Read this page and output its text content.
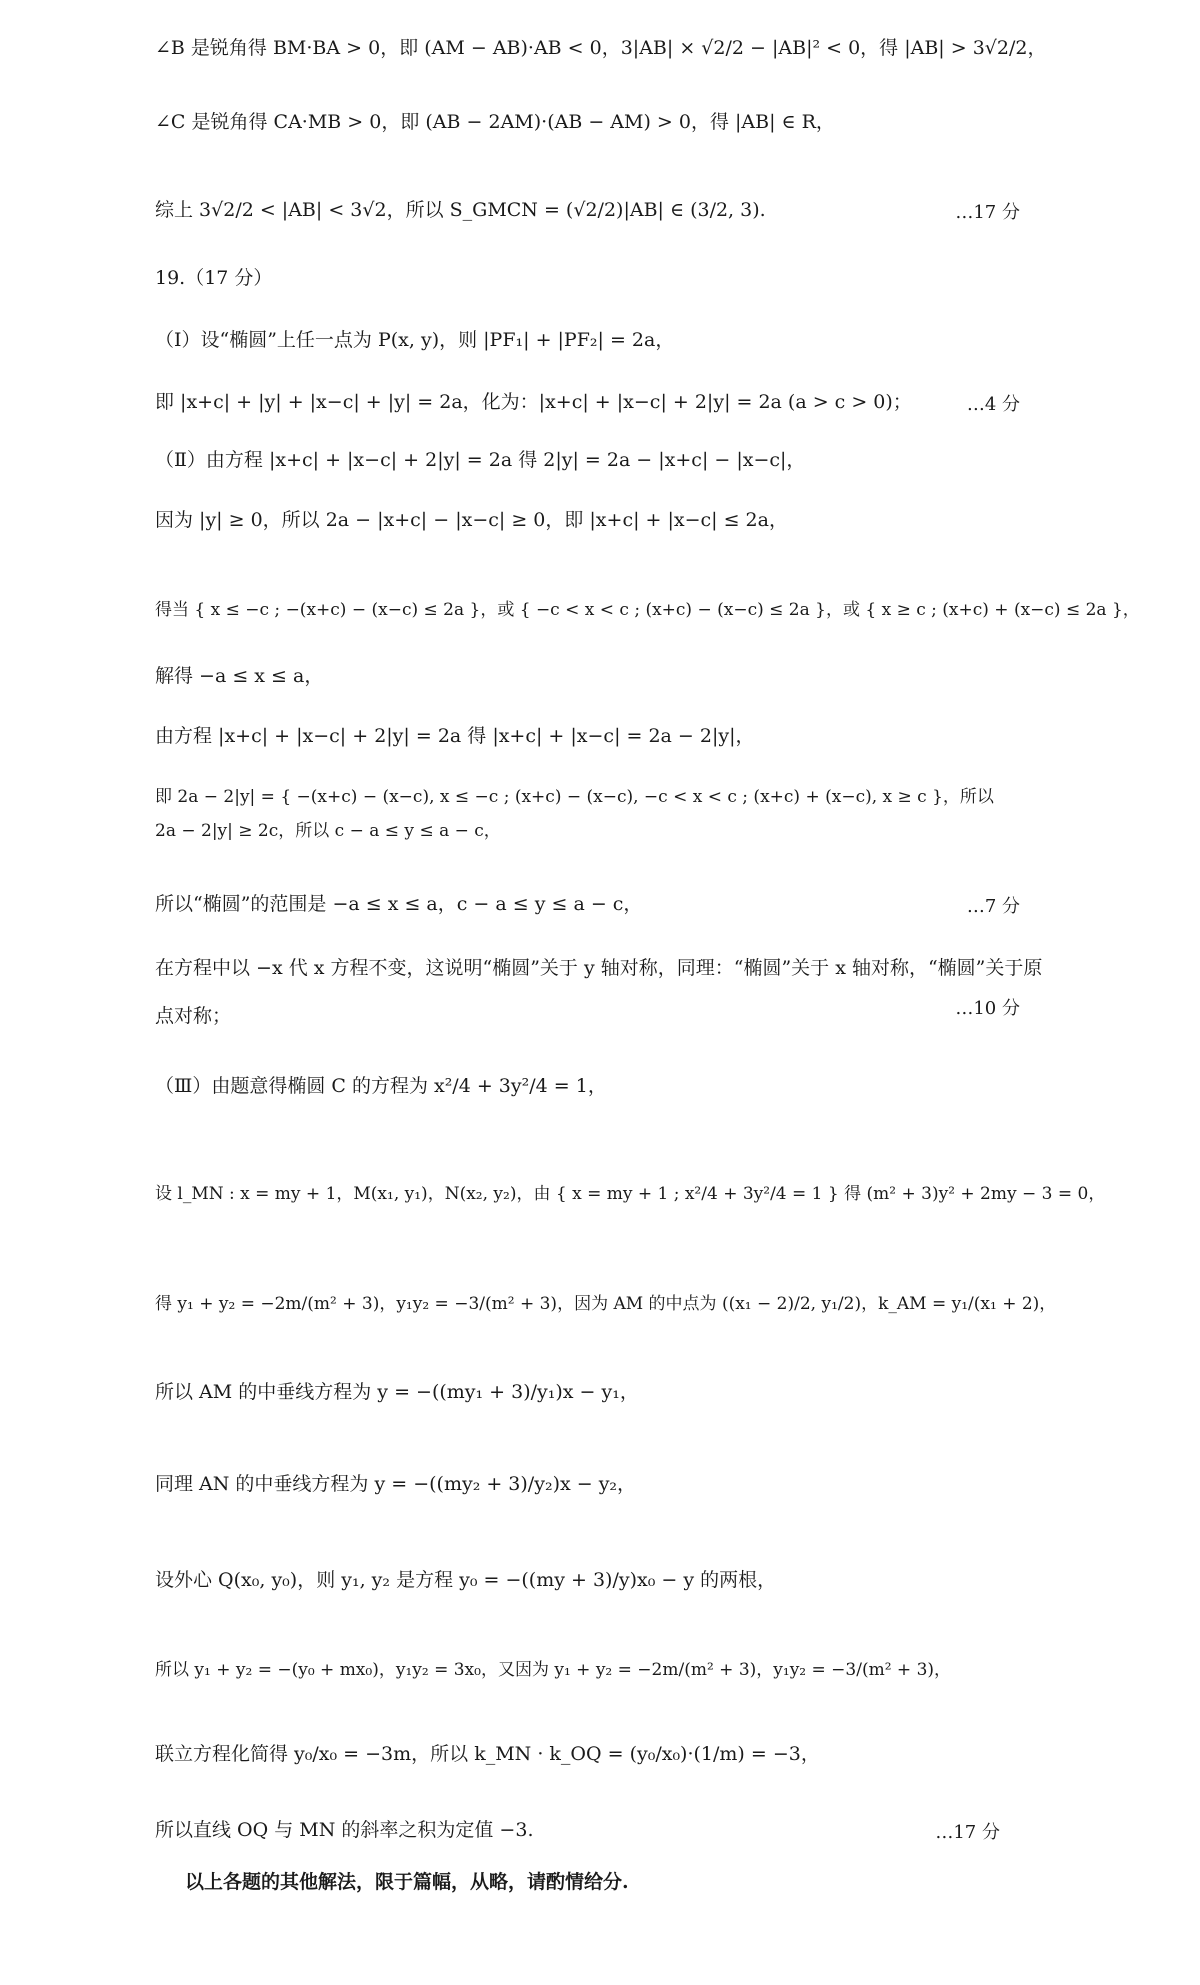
∠B 是锐角得 BM·BA > 0，即 (AM − AB)·AB < 0，3|AB| × √2/2 − |AB|² < 0，得 |AB| > 3√2/2，
∠C 是锐角得 CA·MB > 0，即 (AB − 2AM)·(AB − AM) > 0，得 |AB| ∈ R，
综上 3√2/2 < |AB| < 3√2，所以 S_GMCN = (√2/2)|AB| ∈ (3/2, 3).	…17 分
19.（17 分）
（Ⅰ）设“椭圆”上任一点为 P(x, y)，则 |PF₁| + |PF₂| = 2a，
即 |x+c| + |y| + |x−c| + |y| = 2a，化为：|x+c| + |x−c| + 2|y| = 2a (a > c > 0)；	…4 分
（Ⅱ）由方程 |x+c| + |x−c| + 2|y| = 2a 得 2|y| = 2a − |x+c| − |x−c|，
因为 |y| ≥ 0，所以 2a − |x+c| − |x−c| ≥ 0，即 |x+c| + |x−c| ≤ 2a，
得当 { x ≤ −c ; −(x+c) − (x−c) ≤ 2a }，或 { −c < x < c ; (x+c) − (x−c) ≤ 2a }，或 { x ≥ c ; (x+c) + (x−c) ≤ 2a }，
解得 −a ≤ x ≤ a，
由方程 |x+c| + |x−c| + 2|y| = 2a 得 |x+c| + |x−c| = 2a − 2|y|，
即 2a − 2|y| = { −(x+c) − (x−c), x ≤ −c ; (x+c) − (x−c), −c < x < c ; (x+c) + (x−c), x ≥ c }，所以 2a − 2|y| ≥ 2c，所以 c − a ≤ y ≤ a − c，
所以“椭圆”的范围是 −a ≤ x ≤ a，c − a ≤ y ≤ a − c，	…7 分
在方程中以 −x 代 x 方程不变，这说明“椭圆”关于 y 轴对称，同理：“椭圆”关于 x 轴对称，“椭圆”关于原点对称；	…10 分
（Ⅲ）由题意得椭圆 C 的方程为 x²/4 + 3y²/4 = 1，
设 l_MN : x = my + 1，M(x₁, y₁)，N(x₂, y₂)，由 { x = my + 1 ; x²/4 + 3y²/4 = 1 } 得 (m² + 3)y² + 2my − 3 = 0，
得 y₁ + y₂ = −2m/(m² + 3)，y₁y₂ = −3/(m² + 3)，因为 AM 的中点为 ((x₁ − 2)/2, y₁/2)，k_AM = y₁/(x₁ + 2)，
所以 AM 的中垂线方程为 y = −((my₁ + 3)/y₁)x − y₁，
同理 AN 的中垂线方程为 y = −((my₂ + 3)/y₂)x − y₂，
设外心 Q(x₀, y₀)，则 y₁, y₂ 是方程 y₀ = −((my + 3)/y)x₀ − y 的两根，
所以 y₁ + y₂ = −(y₀ + mx₀)，y₁y₂ = 3x₀，又因为 y₁ + y₂ = −2m/(m² + 3)，y₁y₂ = −3/(m² + 3)，
联立方程化简得 y₀/x₀ = −3m，所以 k_MN · k_OQ = (y₀/x₀)·(1/m) = −3，
所以直线 OQ 与 MN 的斜率之积为定值 −3.	…17 分
以上各题的其他解法，限于篇幅，从略，请酌情给分.
